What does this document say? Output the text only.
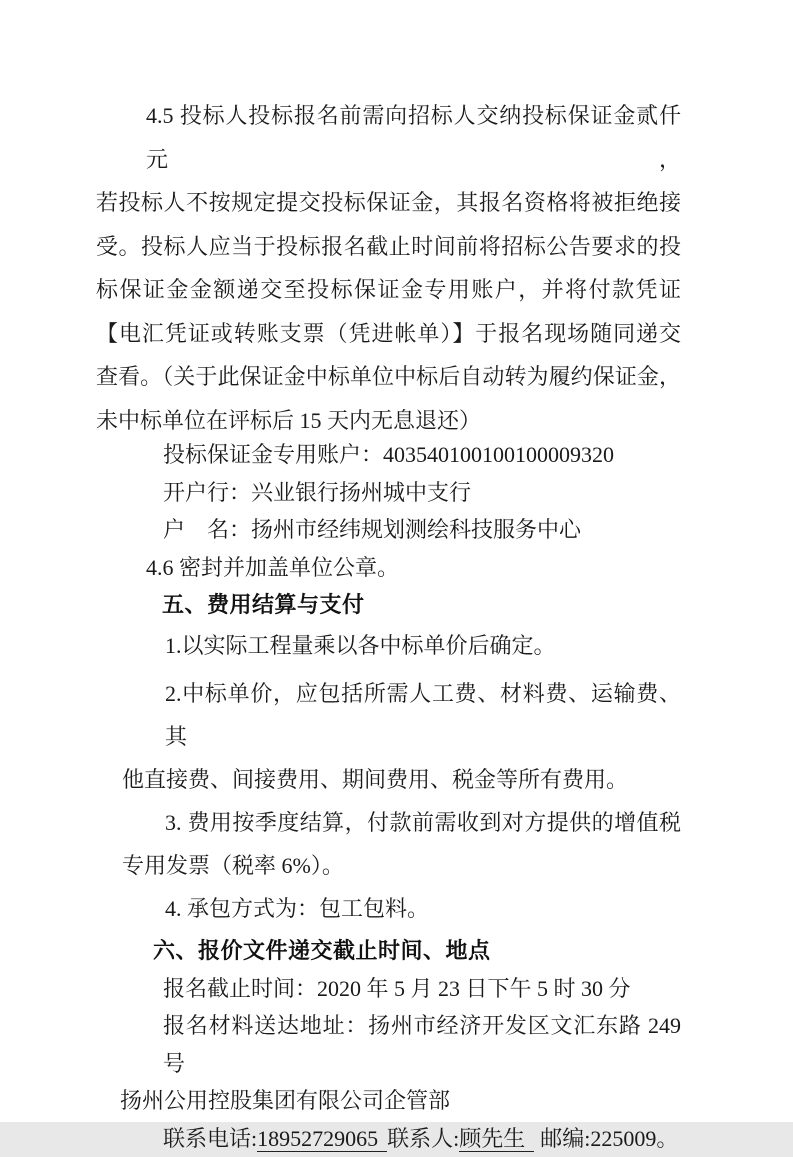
4.5 投标人投标报名前需向招标人交纳投标保证金贰仟元，
若投标人不按规定提交投标保证金，其报名资格将被拒绝接
受。投标人应当于投标报名截止时间前将招标公告要求的投
标保证金金额递交至投标保证金专用账户，并将付款凭证
【电汇凭证或转账支票（凭进帐单）】于报名现场随同递交
查看。（关于此保证金中标单位中标后自动转为履约保证金，
未中标单位在评标后 15 天内无息退还）
投标保证金专用账户：403540100100100009320
开户行：兴业银行扬州城中支行
户　名：扬州市经纬规划测绘科技服务中心
4.6 密封并加盖单位公章。
五、费用结算与支付
1.以实际工程量乘以各中标单价后确定。
2.中标单价，应包括所需人工费、材料费、运输费、其
他直接费、间接费用、期间费用、税金等所有费用。
3. 费用按季度结算，付款前需收到对方提供的增值税
专用发票（税率 6%）。
4. 承包方式为：包工包料。
六、报价文件递交截止时间、地点
报名截止时间：2020 年 5 月 23 日下午 5 时 30 分
报名材料送达地址：扬州市经济开发区文汇东路 249 号
扬州公用控股集团有限公司企管部
联系电话:18952729065 联系人:顾先生 邮编:225009。
